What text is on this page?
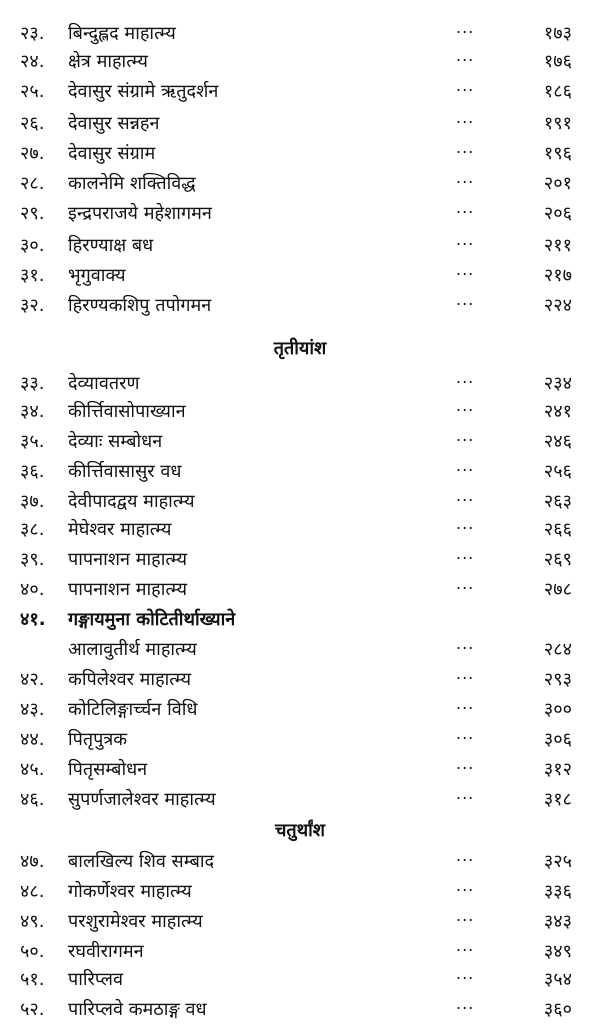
२३.	बिन्दुह्लद माहात्म्य	...	१७३
२४.	क्षेत्र माहात्म्य	...	१७६
२५.	देवासुर संग्रामे ऋतुदर्शन	...	१८६
२६.	देवासुर सन्नहन	...	१९१
२७.	देवासुर संग्राम	...	१९६
२८.	कालनेमि शक्तिविद्ध	...	२०१
२९.	इन्द्रपराजये महेशागमन	...	२०६
३०.	हिरण्याक्ष बध	...	२११
३१.	भृगुवाक्य	...	२१७
३२.	हिरण्यकशिपु तपोगमन	...	२२४
तृतीयांश
३३.	देव्यावतरण	...	२३४
३४.	कीर्त्तिवासोपाख्यान	...	२४१
३५.	देव्याः सम्बोधन	...	२४६
३६.	कीर्त्तिवासासुर वध	...	२५६
३७.	देवीपादद्वय माहात्म्य	...	२६३
३८.	मेघेश्वर माहात्म्य	...	२६६
३९.	पापनाशन माहात्म्य	...	२६९
४०.	पापनाशन माहात्म्य	...	२७८
४१.	गङ्गायमुना कोटितीर्थाख्याने
आलावुतीर्थ माहात्म्य	...	२८४
४२.	कपिलेश्वर माहात्म्य	...	२९३
४३.	कोटिलिङ्गार्च्चन विधि	...	३००
४४.	पितृपुत्रक	...	३०६
४५.	पितृसम्बोधन	...	३१२
४६.	सुपर्णजालेश्वर माहात्म्य	...	३१८
चतुर्थांश
४७.	बालखिल्य शिव सम्बाद	...	३२५
४८.	गोकर्णेश्वर माहात्म्य	...	३३६
४९.	परशुरामेश्वर माहात्म्य	...	३४३
५०.	रघवीरागमन	...	३४९
५१.	पारिप्लव	...	३५४
५२.	पारिप्लवे कमठाङ्ग वध	...	३६०
